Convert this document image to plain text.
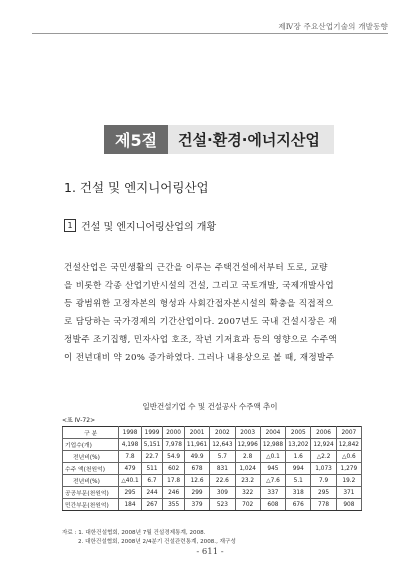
제Ⅳ장 주요산업기술의 개발동향
제5절	건설·환경·에너지산업
1. 건설 및 엔지니어링산업
1 건설 및 엔지니어링산업의 개황
건설산업은 국민생활의 근간을 이루는 주택건설에서부터 도로, 교량
을 비롯한 각종 산업기반시설의 건설, 그리고 국토개발, 국제개발사업
등 광범위한 고정자본의 형성과 사회간접자본시설의 확충을 직접적으
로 담당하는 국가경제의 기간산업이다. 2007년도 국내 건설시장은 재
정발주 조기집행, 민자사업 호조, 작년 기저효과 등의 영향으로 수주액
이 전년대비 약 20% 증가하였다. 그러나 내용상으로 볼 때, 재정발주
일반건설기업 수 및 건설공사 수주액 추이
<표 Ⅳ-72>
구 분	1998	1999	2000	2001	2002	2003	2004	2005	2006	2007
기업수(개)	4,198	5,151	7,978	11,961	12,643	12,996	12,988	13,202	12,924	12,842
전년비(%)	7.8	22.7	54.9	49.9	5.7	2.8	△0.1	1.6	△2.2	△0.6
수주 액(천원억)	479	511	602	678	831	1,024	945	994	1,073	1,279
전년비(%)	△40.1	6.7	17.8	12.6	22.6	23.2	△7.6	5.1	7.9	19.2
공공부문(천원억)	295	244	246	299	309	322	337	318	295	371
민간부문(천원억)	184	267	355	379	523	702	608	676	778	908
자료 : 1. 대한건설협회, 2008년 7월 건설경제통계, 2008.
2. 대한건설협회, 2008년 2/4분기 건설관련통계, 2008., 재구성
- 611 -
